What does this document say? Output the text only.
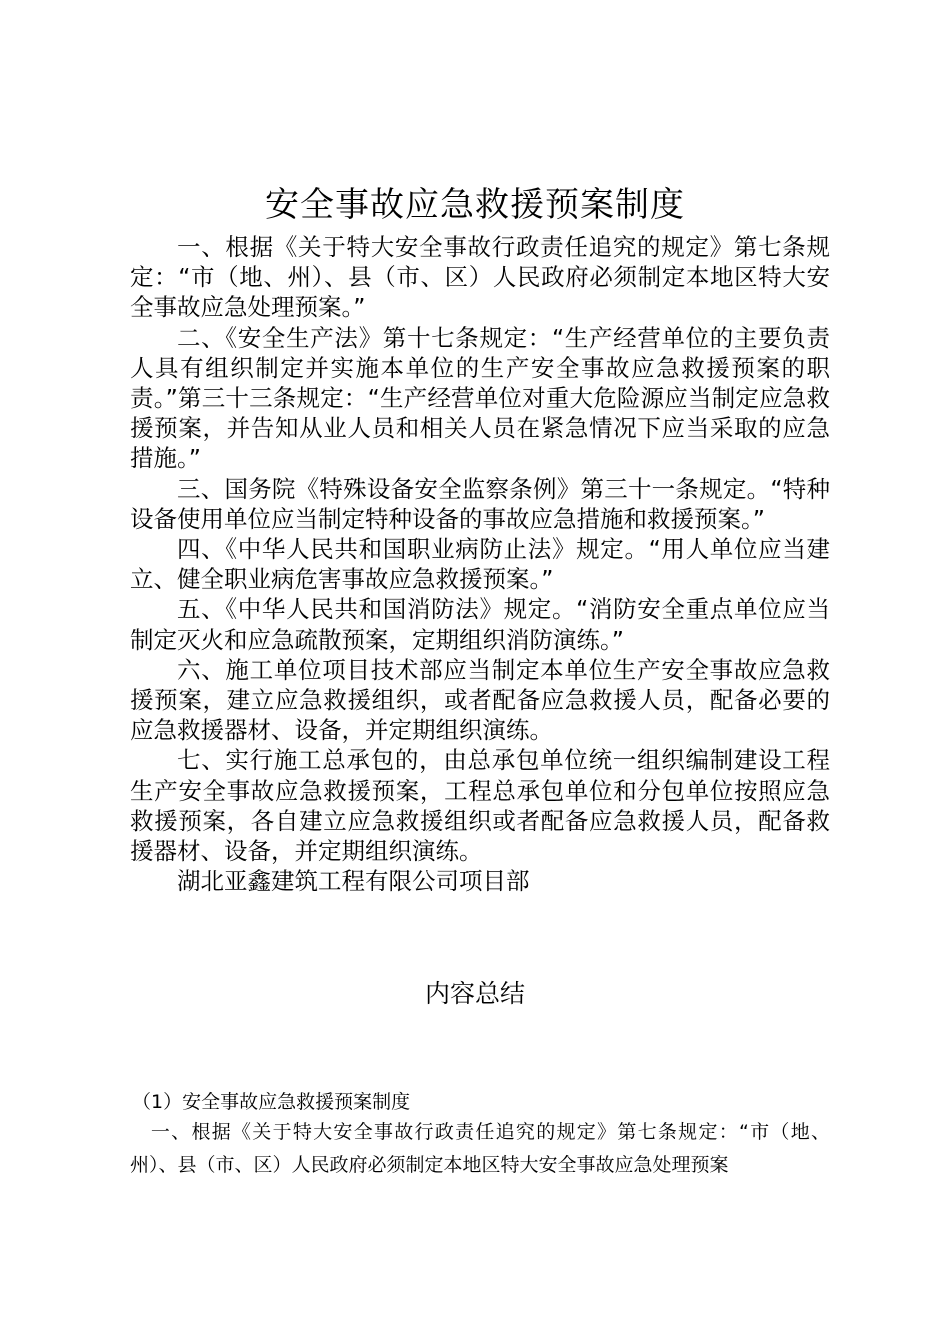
安全事故应急救援预案制度

一、根据《关于特大安全事故行政责任追究的规定》第七条规定：“市（地、州）、县（市、区）人民政府必须制定本地区特大安全事故应急处理预案。”

二、《安全生产法》第十七条规定：“生产经营单位的主要负责人具有组织制定并实施本单位的生产安全事故应急救援预案的职责。”第三十三条规定：“生产经营单位对重大危险源应当制定应急救援预案，并告知从业人员和相关人员在紧急情况下应当采取的应急措施。”

三、国务院《特殊设备安全监察条例》第三十一条规定。“特种设备使用单位应当制定特种设备的事故应急措施和救援预案。”

四、《中华人民共和国职业病防止法》规定。“用人单位应当建立、健全职业病危害事故应急救援预案。”

五、《中华人民共和国消防法》规定。“消防安全重点单位应当制定灭火和应急疏散预案，定期组织消防演练。”

六、施工单位项目技术部应当制定本单位生产安全事故应急救援预案，建立应急救援组织，或者配备应急救援人员，配备必要的应急救援器材、设备，并定期组织演练。

七、实行施工总承包的，由总承包单位统一组织编制建设工程生产安全事故应急救援预案，工程总承包单位和分包单位按照应急救援预案，各自建立应急救援组织或者配备应急救援人员，配备救援器材、设备，并定期组织演练。

湖北亚鑫建筑工程有限公司项目部

内容总结

（1）安全事故应急救援预案制度

一、根据《关于特大安全事故行政责任追究的规定》第七条规定：“市（地、州）、县（市、区）人民政府必须制定本地区特大安全事故应急处理预案
